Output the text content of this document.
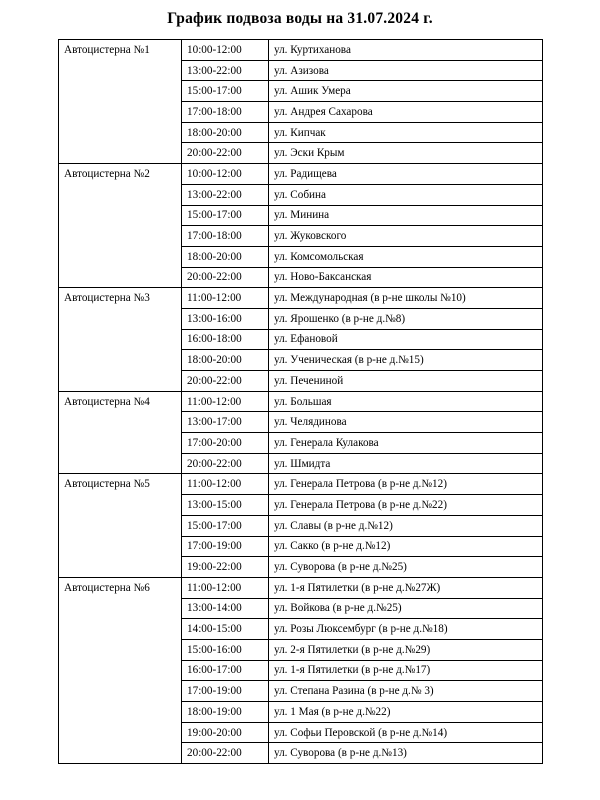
График подвоза воды на 31.07.2024 г.
Автоцистерна №1	10:00-12:00	ул. Куртиханова
	13:00-22:00	ул. Азизова
	15:00-17:00	ул. Ашик Умера
	17:00-18:00	ул. Андрея Сахарова
	18:00-20:00	ул. Кипчак
	20:00-22:00	ул. Эски Крым
Автоцистерна №2	10:00-12:00	ул. Радищева
	13:00-22:00	ул. Собина
	15:00-17:00	ул. Минина
	17:00-18:00	ул. Жуковского
	18:00-20:00	ул. Комсомольская
	20:00-22:00	ул. Ново-Баксанская
Автоцистерна №3	11:00-12:00	ул. Международная (в р-не школы №10)
	13:00-16:00	ул. Ярошенко (в р-не д.№8)
	16:00-18:00	ул. Ефановой
	18:00-20:00	ул. Ученическая (в р-не д.№15)
	20:00-22:00	ул. Печениной
Автоцистерна №4	11:00-12:00	ул. Большая
	13:00-17:00	ул. Челядинова
	17:00-20:00	ул. Генерала Кулакова
	20:00-22:00	ул. Шмидта
Автоцистерна №5	11:00-12:00	ул. Генерала Петрова (в р-не д.№12)
	13:00-15:00	ул. Генерала Петрова (в р-не д.№22)
	15:00-17:00	ул. Славы (в р-не д.№12)
	17:00-19:00	ул. Сакко (в р-не д.№12)
	19:00-22:00	ул. Суворова (в р-не д.№25)
Автоцистерна №6	11:00-12:00	ул. 1-я Пятилетки (в р-не д.№27Ж)
	13:00-14:00	ул. Войкова (в р-не д.№25)
	14:00-15:00	ул. Розы Люксембург (в р-не д.№18)
	15:00-16:00	ул. 2-я Пятилетки (в р-не д.№29)
	16:00-17:00	ул. 1-я Пятилетки (в р-не д.№17)
	17:00-19:00	ул. Степана Разина (в р-не д.№ 3)
	18:00-19:00	ул. 1 Мая (в р-не д.№22)
	19:00-20:00	ул. Софьи Перовской (в р-не д.№14)
	20:00-22:00	ул. Суворова (в р-не д.№13)
